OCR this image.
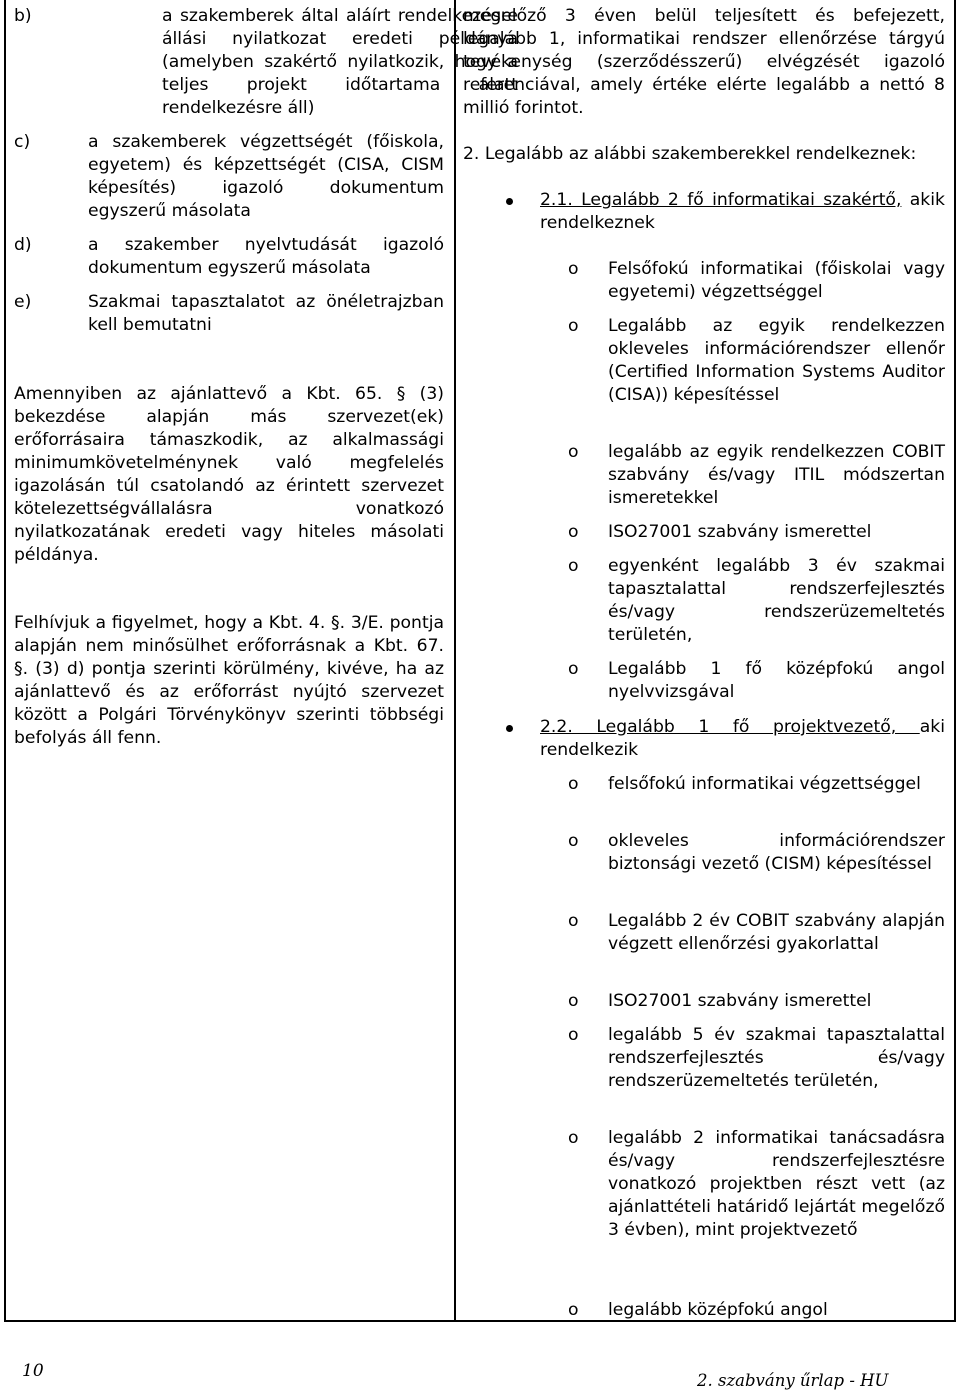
b)	a szakemberek által aláírt rendelkezésre állási nyilatkozat eredeti példánya (amelyben szakértő nyilatkozik, hogy a teljes projekt időtartama alatt rendelkezésre áll)
c)	a szakemberek végzettségét (főiskola, egyetem) és képzettségét (CISA, CISM képesítés) igazoló dokumentum egyszerű másolata
d)	a szakember nyelvtudását igazoló dokumentum egyszerű másolata
e)	Szakmai tapasztalatot az önéletrajzban kell bemutatni

Amennyiben az ajánlattevő a Kbt. 65. § (3) bekezdése alapján más szervezet(ek) erőforrásaira támaszkodik, az alkalmassági minimumkövetelménynek való megfelelés igazolásán túl csatolandó az érintett szervezet kötelezettségvállalásra vonatkozó nyilatkozatának eredeti vagy hiteles másolati példánya.

Felhívjuk a figyelmet, hogy a Kbt. 4. §. 3/E. pontja alapján nem minősülhet erőforrásnak a Kbt. 67. §. (3) d) pontja szerinti körülmény, kivéve, ha az ajánlattevő és az erőforrást nyújtó szervezet között a Polgári Törvénykönyv szerinti többségi befolyás áll fenn.

megelőző 3 éven belül teljesített és befejezett, legalább 1, informatikai rendszer ellenőrzése tárgyú tevékenység (szerződésszerű) elvégzését igazoló referenciával, amely értéke elérte legalább a nettó 8 millió forintot.

2. Legalább az alábbi szakemberekkel rendelkeznek:

2.1. Legalább 2 fő informatikai szakértő, akik rendelkeznek
o Felsőfokú informatikai (főiskolai vagy egyetemi) végzettséggel
o Legalább az egyik rendelkezzen okleveles információrendszer ellenőr (Certified Information Systems Auditor (CISA)) képesítéssel
o legalább az egyik rendelkezzen COBIT szabvány és/vagy ITIL módszertan ismeretekkel
o ISO27001 szabvány ismerettel
o egyenként legalább 3 év szakmai tapasztalattal rendszerfejlesztés és/vagy rendszerüzemeltetés területén,
o Legalább 1 fő középfokú angol nyelvvizsgával
2.2. Legalább 1 fő projektvezető, aki rendelkezik
o felsőfokú informatikai végzettséggel
o okleveles információrendszer biztonsági vezető (CISM) képesítéssel
o Legalább 2 év COBIT szabvány alapján végzett ellenőrzési gyakorlattal
o ISO27001 szabvány ismerettel
o legalább 5 év szakmai tapasztalattal rendszerfejlesztés és/vagy rendszerüzemeltetés területén,
o legalább 2 informatikai tanácsadásra és/vagy rendszerfejlesztésre vonatkozó projektben részt vett (az ajánlattételi határidő lejártát megelőző 3 évben), mint projektvezető
o legalább középfokú angol
10	2. szabvány űrlap - HU
